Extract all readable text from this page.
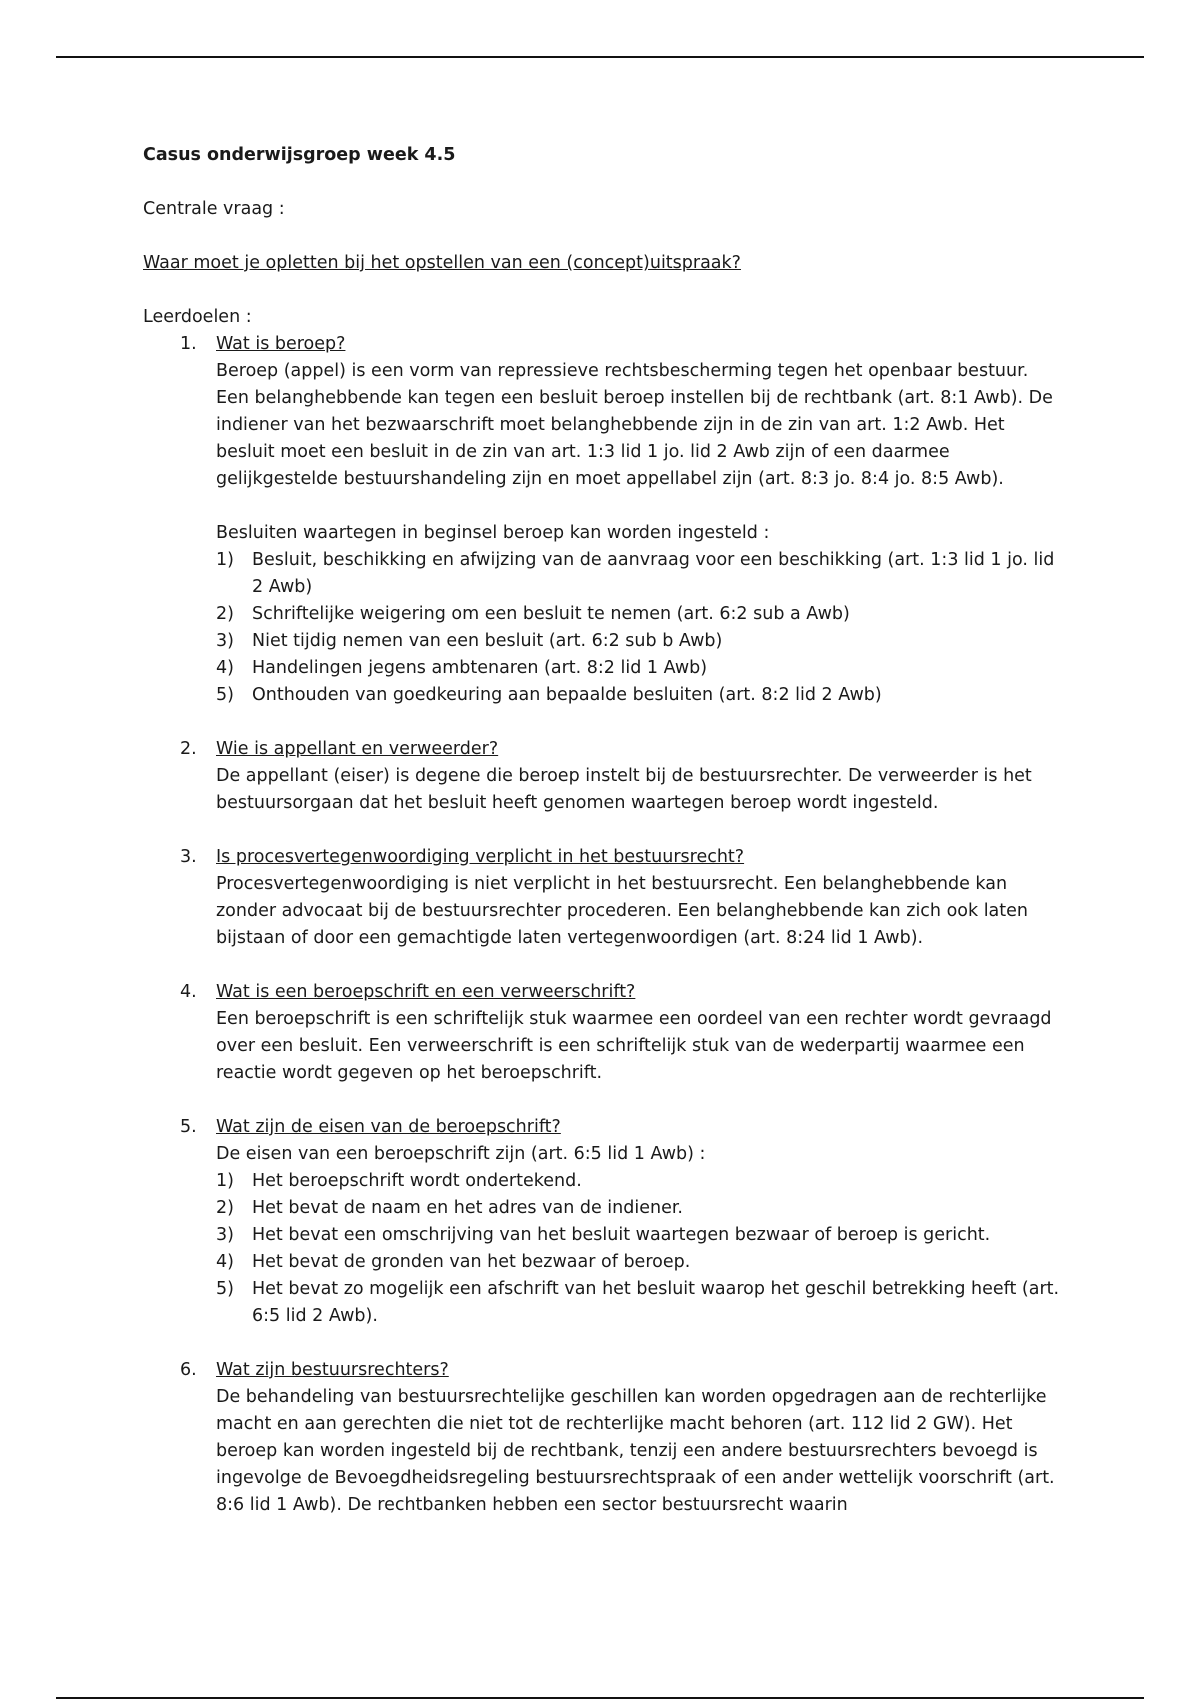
Casus onderwijsgroep week 4.5

Centrale vraag :

Waar moet je opletten bij het opstellen van een (concept)uitspraak?

Leerdoelen :

1.	Wat is beroep?

Beroep (appel) is een vorm van repressieve rechtsbescherming tegen het openbaar bestuur. Een belanghebbende kan tegen een besluit beroep instellen bij de rechtbank (art. 8:1 Awb). De indiener van het bezwaarschrift moet belanghebbende zijn in de zin van art. 1:2 Awb. Het besluit moet een besluit in de zin van art. 1:3 lid 1 jo. lid 2 Awb zijn of een daarmee gelijkgestelde bestuurshandeling zijn en moet appellabel zijn (art. 8:3 jo. 8:4 jo. 8:5 Awb).

Besluiten waartegen in beginsel beroep kan worden ingesteld :
1)	Besluit, beschikking en afwijzing van de aanvraag voor een beschikking (art. 1:3 lid 1 jo. lid 2 Awb)
2)	Schriftelijke weigering om een besluit te nemen (art. 6:2 sub a Awb)
3)	Niet tijdig nemen van een besluit (art. 6:2 sub b Awb)
4)	Handelingen jegens ambtenaren (art. 8:2 lid 1 Awb)
5)	Onthouden van goedkeuring aan bepaalde besluiten (art. 8:2 lid 2 Awb)
2.	Wie is appellant en verweerder?

De appellant (eiser) is degene die beroep instelt bij de bestuursrechter. De verweerder is het bestuursorgaan dat het besluit heeft genomen waartegen beroep wordt ingesteld.

3.	Is procesvertegenwoordiging verplicht in het bestuursrecht?

Procesvertegenwoordiging is niet verplicht in het bestuursrecht. Een belanghebbende kan zonder advocaat bij de bestuursrechter procederen. Een belanghebbende kan zich ook laten bijstaan of door een gemachtigde laten vertegenwoordigen (art. 8:24 lid 1 Awb).

4.	Wat is een beroepschrift en een verweerschrift?

Een beroepschrift is een schriftelijk stuk waarmee een oordeel van een rechter wordt gevraagd over een besluit. Een verweerschrift is een schriftelijk stuk van de wederpartij waarmee een reactie wordt gegeven op het beroepschrift.

5.	Wat zijn de eisen van de beroepschrift?

De eisen van een beroepschrift zijn (art. 6:5 lid 1 Awb) :

1)	Het beroepschrift wordt ondertekend.
2)	Het bevat de naam en het adres van de indiener.
3)	Het bevat een omschrijving van het besluit waartegen bezwaar of beroep is gericht.
4)	Het bevat de gronden van het bezwaar of beroep.
5)	Het bevat zo mogelijk een afschrift van het besluit waarop het geschil betrekking heeft (art. 6:5 lid 2 Awb).
6.	Wat zijn bestuursrechters?

De behandeling van bestuursrechtelijke geschillen kan worden opgedragen aan de rechterlijke macht en aan gerechten die niet tot de rechterlijke macht behoren (art. 112 lid 2 GW). Het beroep kan worden ingesteld bij de rechtbank, tenzij een andere bestuursrechters bevoegd is ingevolge de Bevoegdheidsregeling bestuursrechtspraak of een ander wettelijk voorschrift (art. 8:6 lid 1 Awb). De rechtbanken hebben een sector bestuursrecht waarin
